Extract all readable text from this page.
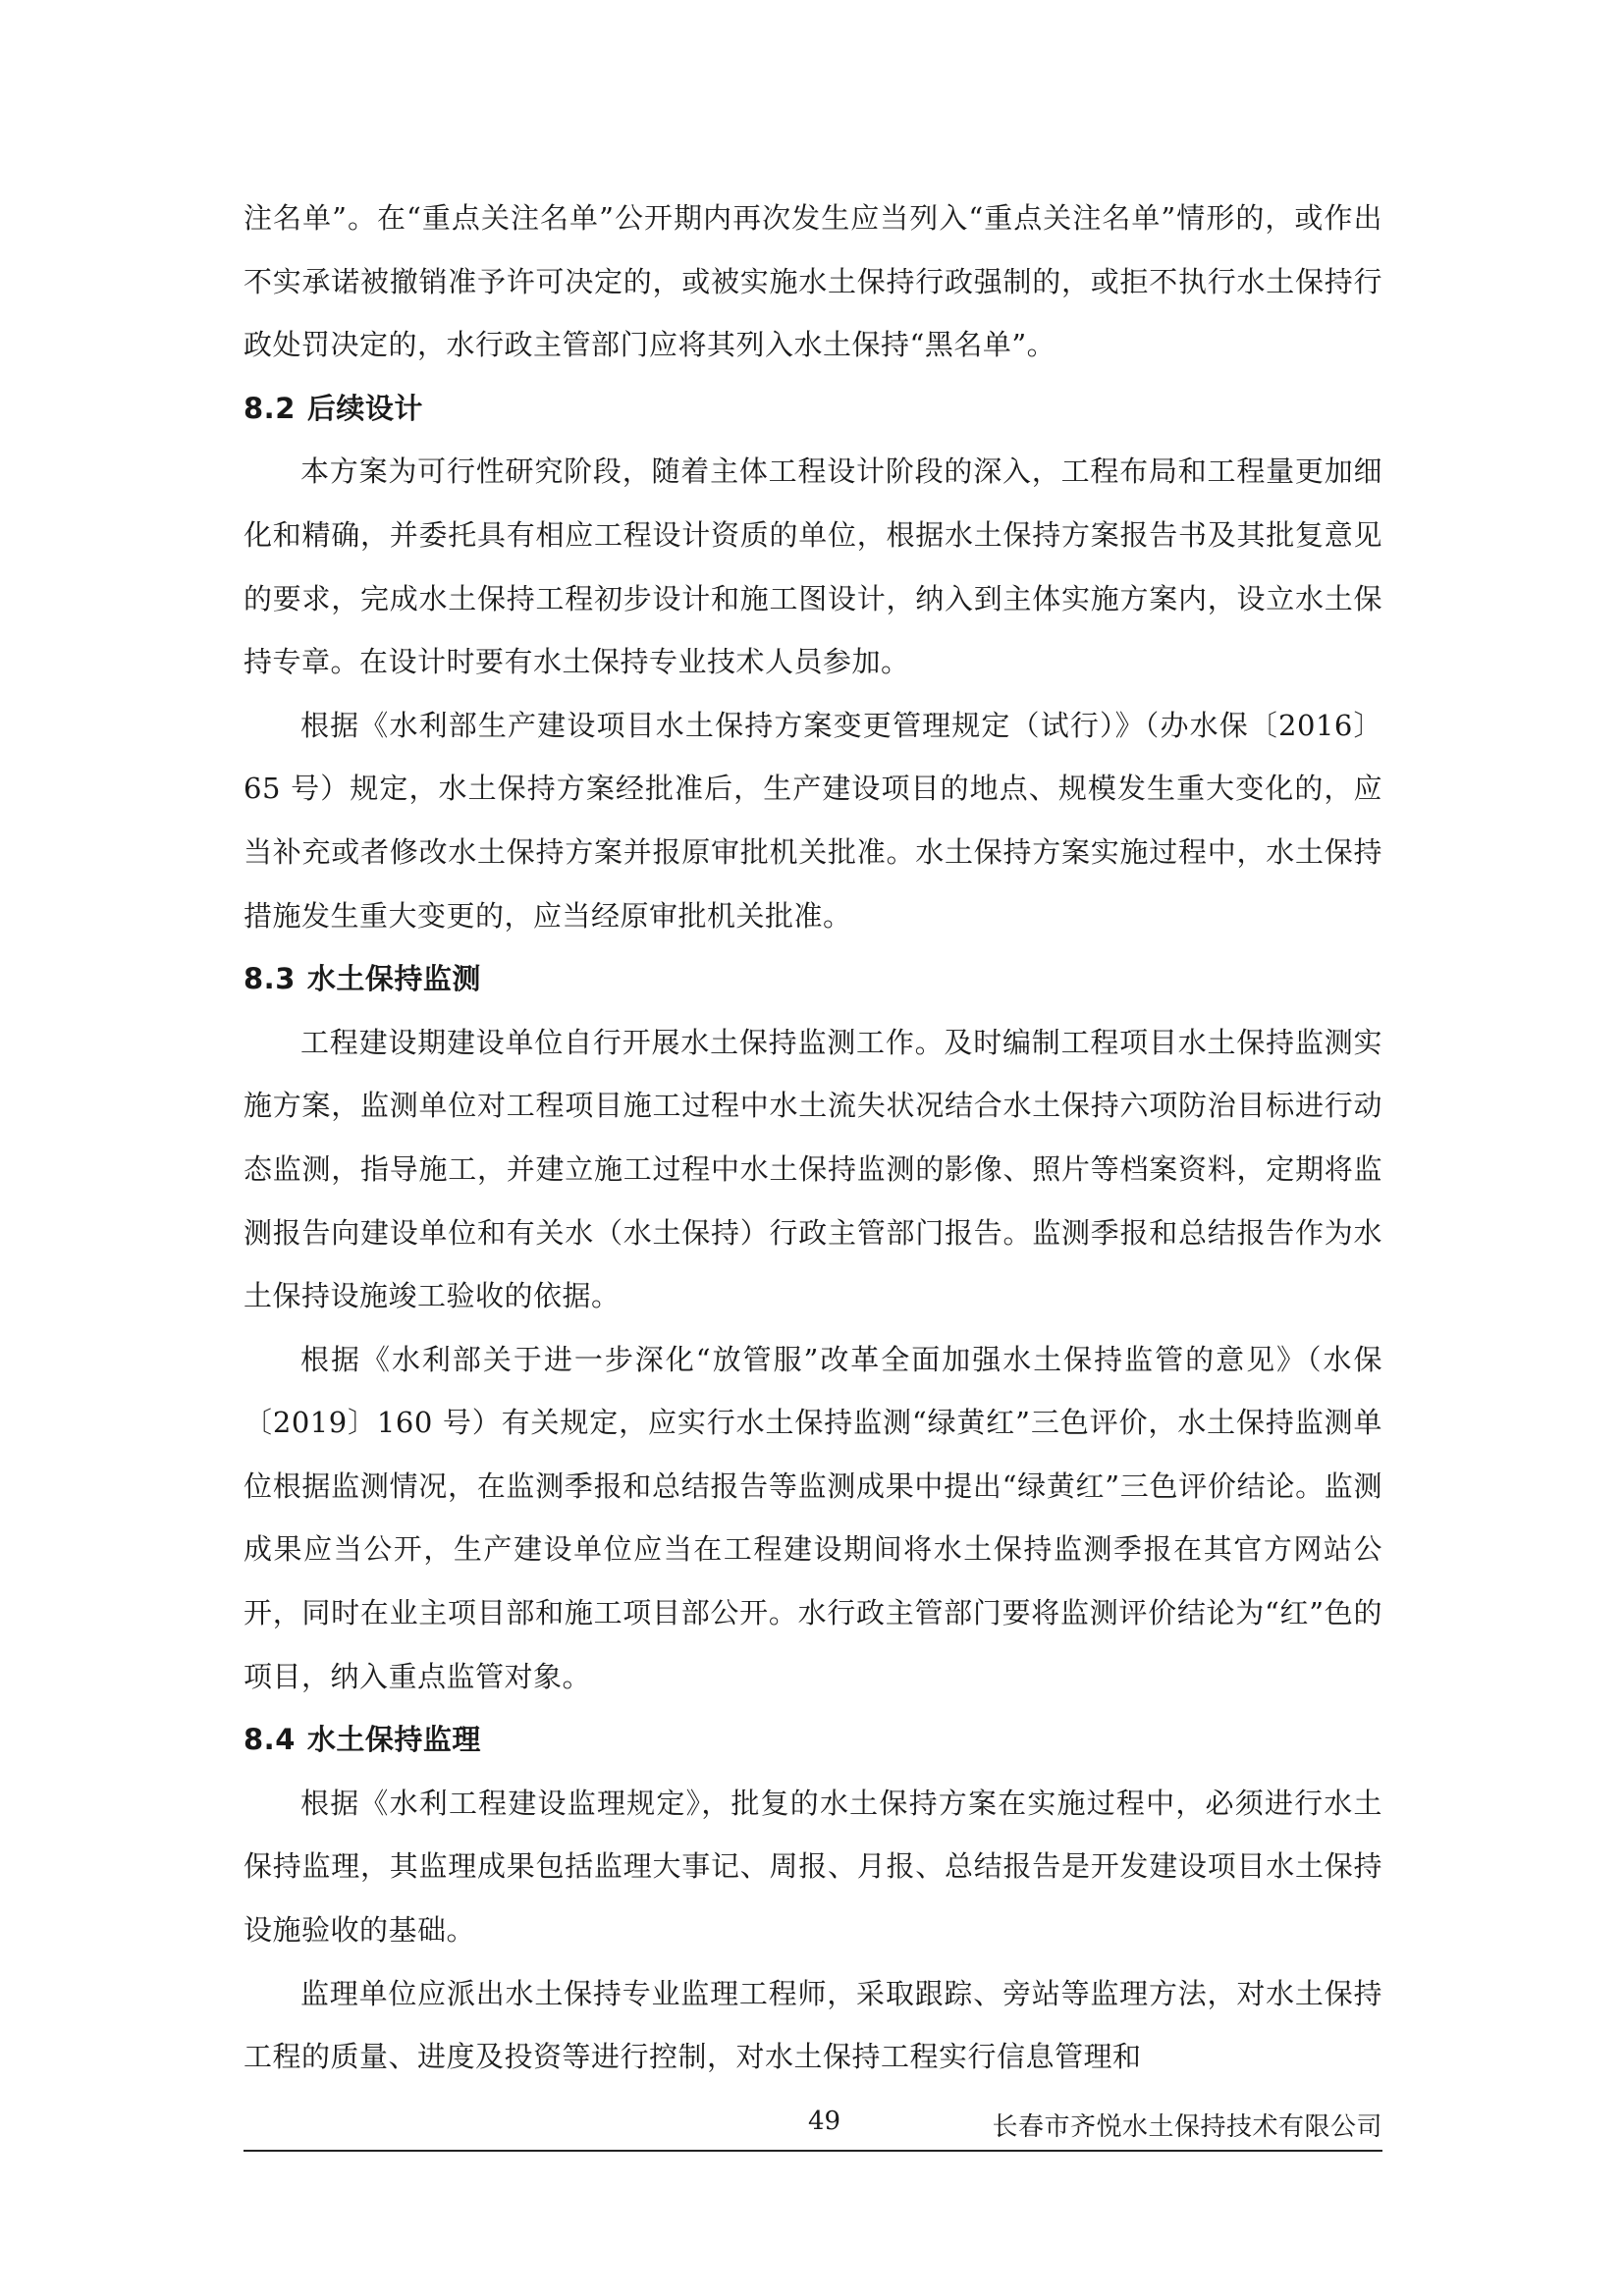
注名单”。在“重点关注名单”公开期内再次发生应当列入“重点关注名单”情形的，或作出不实承诺被撤销准予许可决定的，或被实施水土保持行政强制的，或拒不执行水土保持行政处罚决定的，水行政主管部门应将其列入水土保持“黑名单”。

8.2 后续设计

本方案为可行性研究阶段，随着主体工程设计阶段的深入，工程布局和工程量更加细化和精确，并委托具有相应工程设计资质的单位，根据水土保持方案报告书及其批复意见的要求，完成水土保持工程初步设计和施工图设计，纳入到主体实施方案内，设立水土保持专章。在设计时要有水土保持专业技术人员参加。

根据《水利部生产建设项目水土保持方案变更管理规定（试行）》（办水保〔2016〕65 号）规定，水土保持方案经批准后，生产建设项目的地点、规模发生重大变化的，应当补充或者修改水土保持方案并报原审批机关批准。水土保持方案实施过程中，水土保持措施发生重大变更的，应当经原审批机关批准。

8.3 水土保持监测

工程建设期建设单位自行开展水土保持监测工作。及时编制工程项目水土保持监测实施方案，监测单位对工程项目施工过程中水土流失状况结合水土保持六项防治目标进行动态监测，指导施工，并建立施工过程中水土保持监测的影像、照片等档案资料，定期将监测报告向建设单位和有关水（水土保持）行政主管部门报告。监测季报和总结报告作为水土保持设施竣工验收的依据。

根据《水利部关于进一步深化“放管服”改革全面加强水土保持监管的意见》（水保〔2019〕160 号）有关规定，应实行水土保持监测“绿黄红”三色评价，水土保持监测单位根据监测情况，在监测季报和总结报告等监测成果中提出“绿黄红”三色评价结论。监测成果应当公开，生产建设单位应当在工程建设期间将水土保持监测季报在其官方网站公开，同时在业主项目部和施工项目部公开。水行政主管部门要将监测评价结论为“红”色的项目，纳入重点监管对象。

8.4 水土保持监理

根据《水利工程建设监理规定》，批复的水土保持方案在实施过程中，必须进行水土保持监理，其监理成果包括监理大事记、周报、月报、总结报告是开发建设项目水土保持设施验收的基础。

监理单位应派出水土保持专业监理工程师，采取跟踪、旁站等监理方法，对水土保持工程的质量、进度及投资等进行控制，对水土保持工程实行信息管理和

49	长春市齐悦水土保持技术有限公司
